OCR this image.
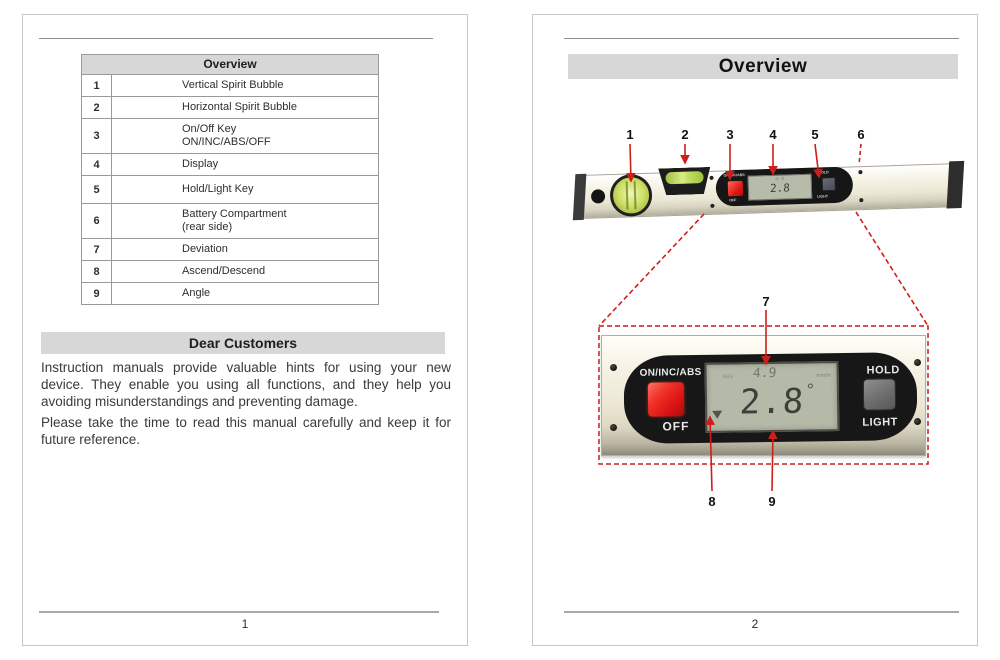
Overview	
1	Vertical Spirit Bubble
2	Horizontal Spirit Bubble
3	On/Off Key
ON/INC/ABS/OFF

4	Display
5	Hold/Light Key
6	Battery Compartment
(rear side)

7	Deviation
8	Ascend/Descend
9	Angle
Dear Customers

Instruction manuals provide valuable hints for using your new device. They enable you using all functions, and they help you avoiding misunderstandings and preventing damage.

Please take the time to read this manual carefully and keep it for future reference.

1
Overview
ON/INC/ABS
OFF
4.9
2.8
HOLD
LIGHT
ON/INC/ABS
OFF
ABS	4.9	mm/m
2.8
HOLD
LIGHT
1	2	3	4	5	6
7
8	9
2
